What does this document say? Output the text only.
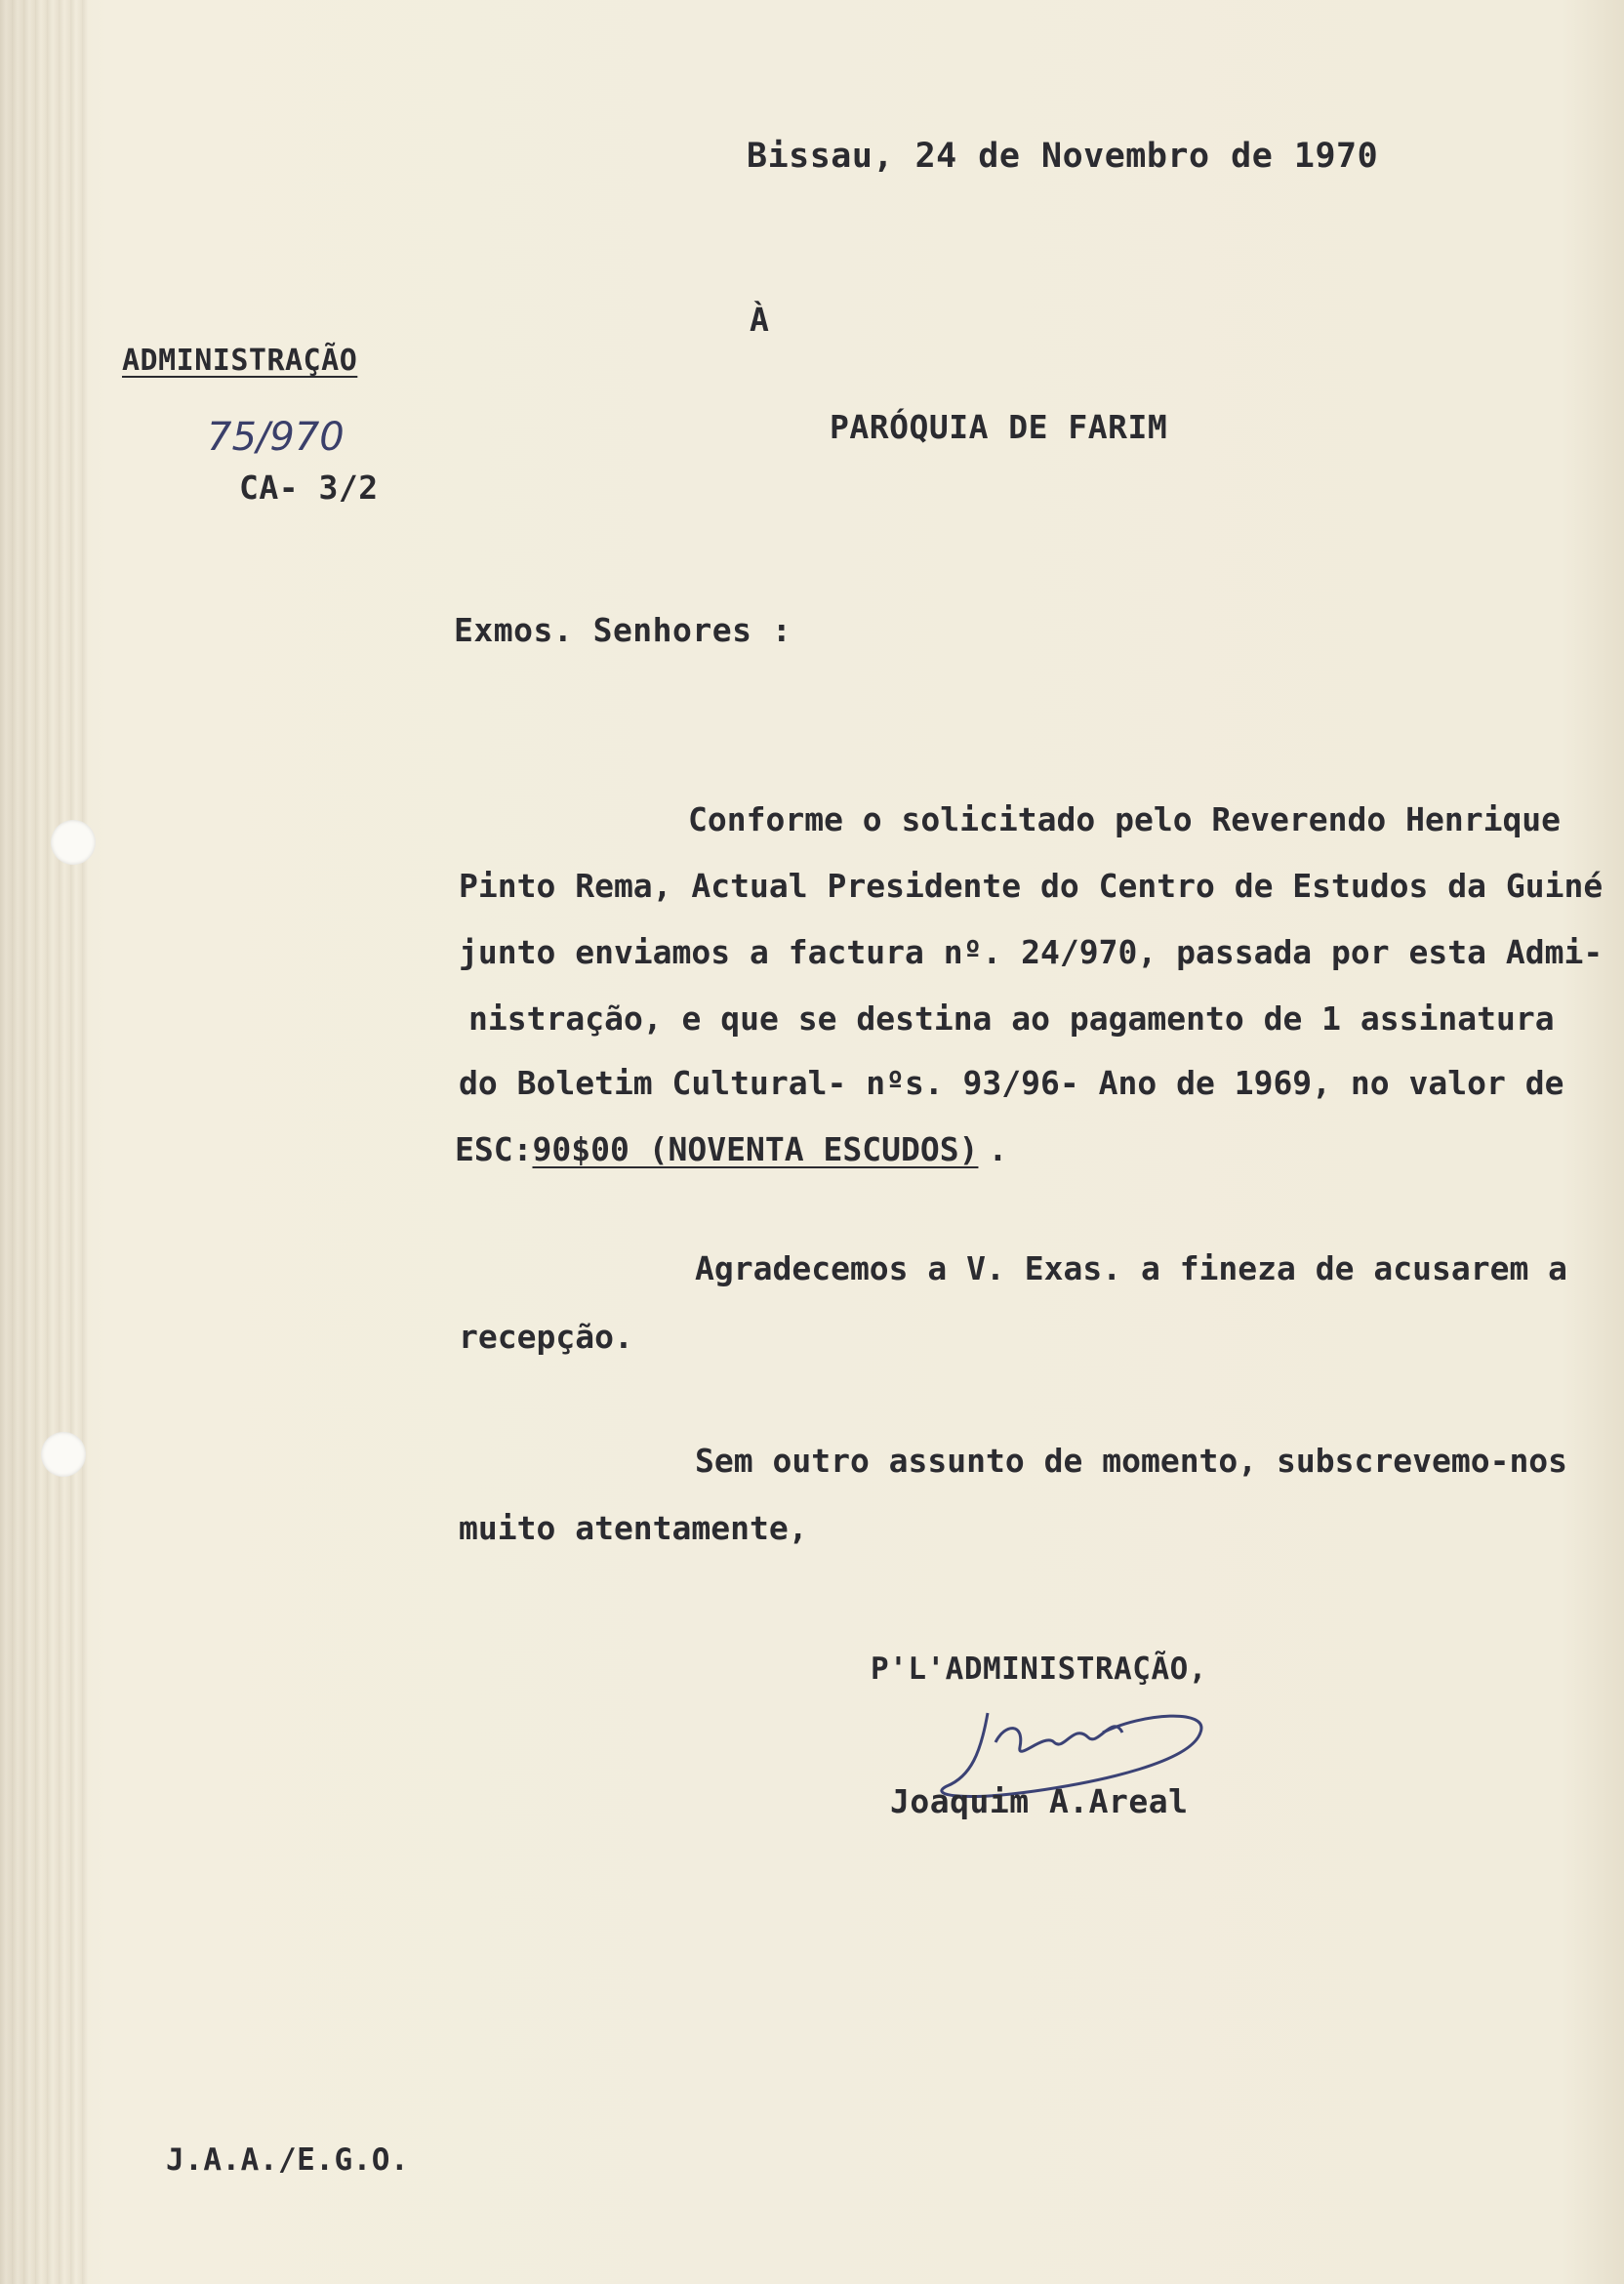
Bissau, 24 de Novembro de 1970
À
ADMINISTRAÇÃO
75/970
CA- 3/2
PARÓQUIA DE FARIM
Exmos. Senhores :
Conforme o solicitado pelo Reverendo Henrique
Pinto Rema, Actual Presidente do Centro de Estudos da Guiné
junto enviamos a factura nº. 24/970, passada por esta Admi-
nistração, e que se destina ao pagamento de 1 assinatura
do Boletim Cultural- nºs. 93/96- Ano de 1969, no valor de
ESC:90$00 (NOVENTA ESCUDOS) .
Agradecemos a V. Exas. a fineza de acusarem a
recepção.
Sem outro assunto de momento, subscrevemo-nos
muito atentamente,
P'L'ADMINISTRAÇÃO,
Joaquim A.Areal
J.A.A./E.G.O.
